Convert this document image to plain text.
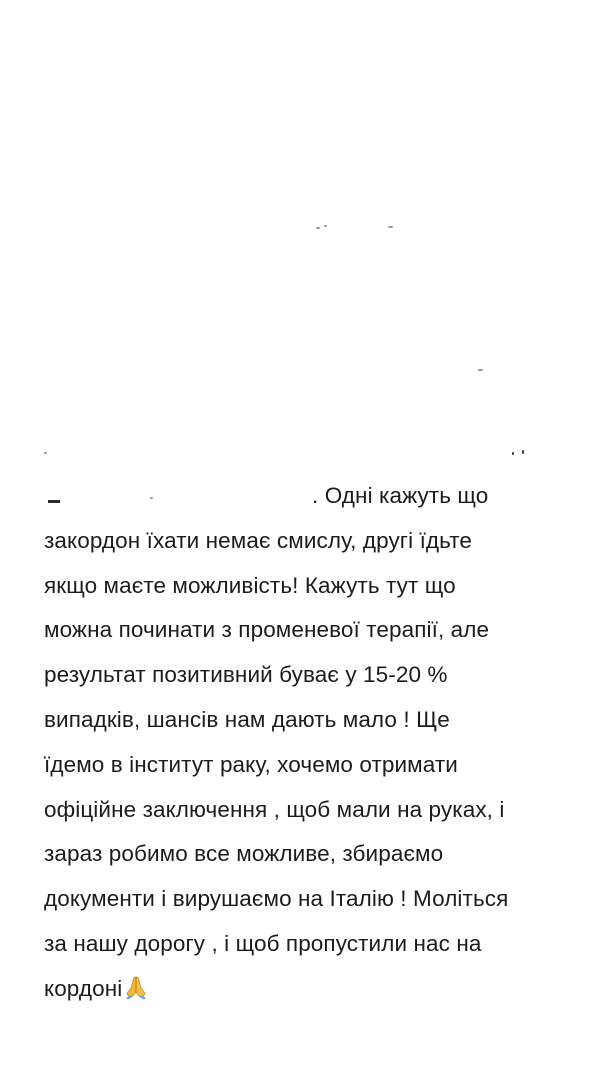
. Одні кажуть що
закордон їхати немає смислу, другі їдьте
якщо маєте можливість! Кажуть тут що
можна починати з променевої терапії, але
результат позитивний буває у 15-20 %
випадків, шансів нам дають мало ! Ще
їдемо в інститут раку, хочемо отримати
офіційне заключення , щоб мали на руках, і
зараз робимо все можливе, збираємо
документи і вирушаємо на Італію ! Моліться
за нашу дорогу , і щоб пропустили нас на
кордоні
